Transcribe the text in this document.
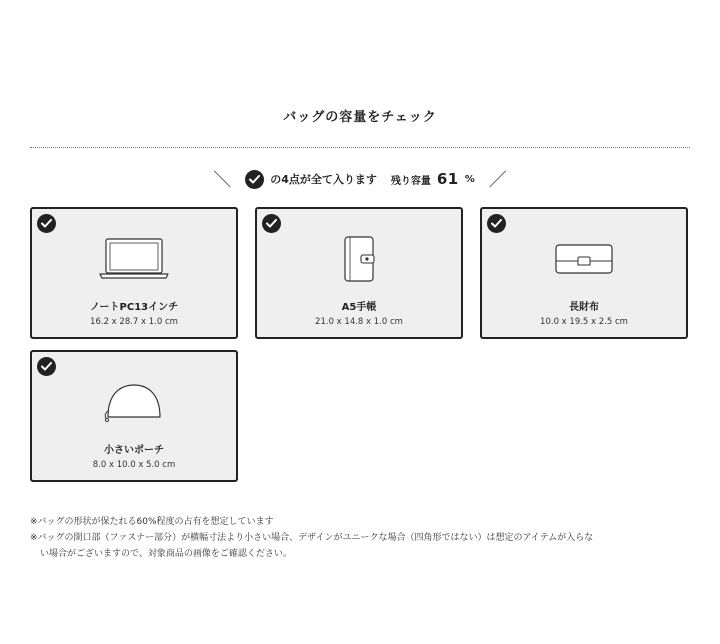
バッグの容量をチェック
＼	の4点が全て入ります 残り容量 61 % ／
ノートPC13インチ
16.2 x 28.7 x 1.0 cm
A5手帳
21.0 x 14.8 x 1.0 cm
長財布
10.0 x 19.5 x 2.5 cm
小さいポーチ
8.0 x 10.0 x 5.0 cm

※バッグの形状が保たれる60%程度の占有を想定しています

※バッグの開口部（ファスナー部分）が横幅寸法より小さい場合、デザインがユニークな場合（四角形ではない）は想定のアイテムが入らな

い場合がございますので、対象商品の画像をご確認ください。
